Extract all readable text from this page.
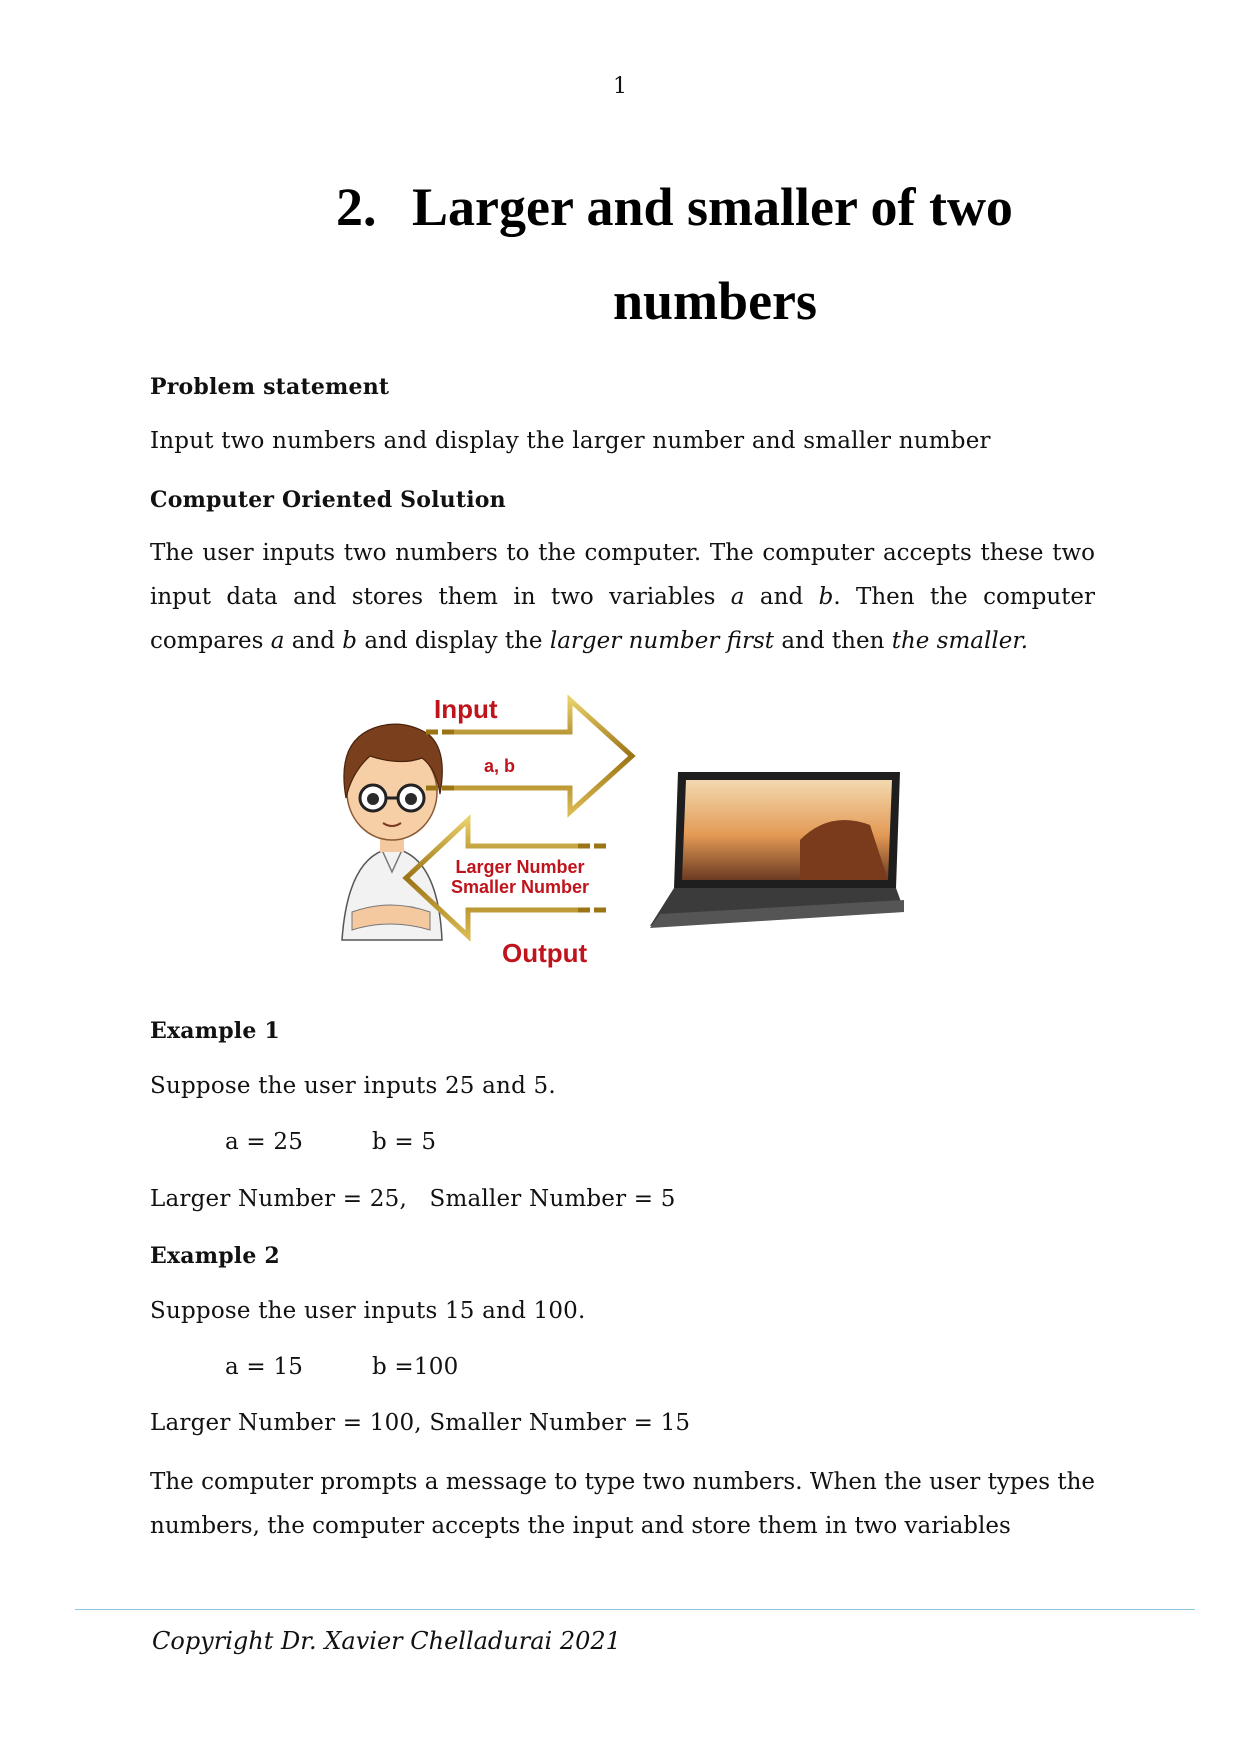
1
2. Larger and smaller of two
numbers
Problem statement
Input two numbers and display the larger number and smaller number
Computer Oriented Solution
The user inputs two numbers to the computer. The computer accepts these two input data and stores them in two variables a and b. Then the computer compares a and b and display the larger number first and then the smaller.
Input
a, b
Larger Number
Smaller Number
Output
Example 1
Suppose the user inputs 25 and 5.
a = 25	b = 5
Larger Number = 25,   Smaller Number = 5
Example 2
Suppose the user inputs 15 and 100.
a = 15	b =100
Larger Number = 100, Smaller Number = 15
The computer prompts a message to type two numbers. When the user types the numbers, the computer accepts the input and store them in two variables
Copyright Dr. Xavier Chelladurai 2021
